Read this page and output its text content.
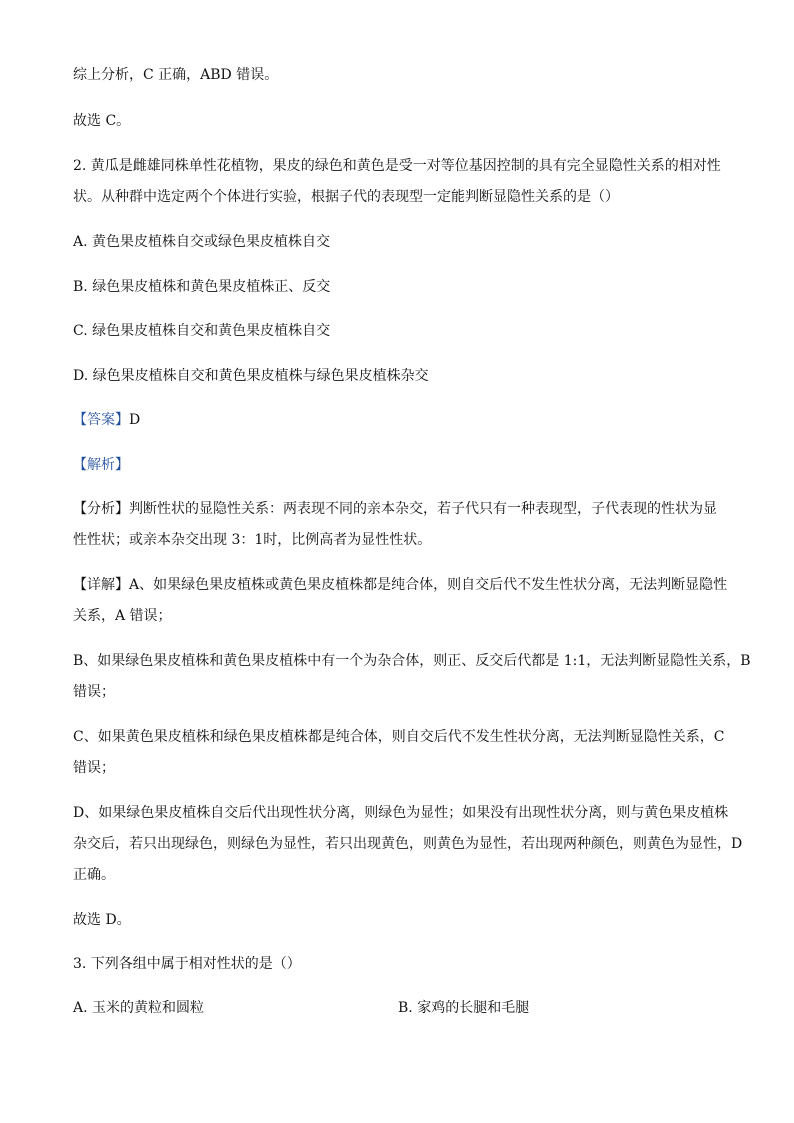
综上分析，C 正确，ABD 错误。
故选 C。
2. 黄瓜是雌雄同株单性花植物，果皮的绿色和黄色是受一对等位基因控制的具有完全显隐性关系的相对性
状。从种群中选定两个个体进行实验，根据子代的表现型一定能判断显隐性关系的是（）
A. 黄色果皮植株自交或绿色果皮植株自交
B. 绿色果皮植株和黄色果皮植株正、反交
C. 绿色果皮植株自交和黄色果皮植株自交
D. 绿色果皮植株自交和黄色果皮植株与绿色果皮植株杂交
【答案】D
【解析】
【分析】判断性状的显隐性关系：两表现不同的亲本杂交，若子代只有一种表现型，子代表现的性状为显
性性状；或亲本杂交出现 3：1时，比例高者为显性性状。
【详解】A、如果绿色果皮植株或黄色果皮植株都是纯合体，则自交后代不发生性状分离，无法判断显隐性
关系，A 错误；
B、如果绿色果皮植株和黄色果皮植株中有一个为杂合体，则正、反交后代都是 1:1，无法判断显隐性关系，B
错误；
C、如果黄色果皮植株和绿色果皮植株都是纯合体，则自交后代不发生性状分离，无法判断显隐性关系，C
错误；
D、如果绿色果皮植株自交后代出现性状分离，则绿色为显性；如果没有出现性状分离，则与黄色果皮植株
杂交后，若只出现绿色，则绿色为显性，若只出现黄色，则黄色为显性，若出现两种颜色，则黄色为显性，D
正确。
故选 D。
3. 下列各组中属于相对性状的是（）
A. 玉米的黄粒和圆粒	B. 家鸡的长腿和毛腿
